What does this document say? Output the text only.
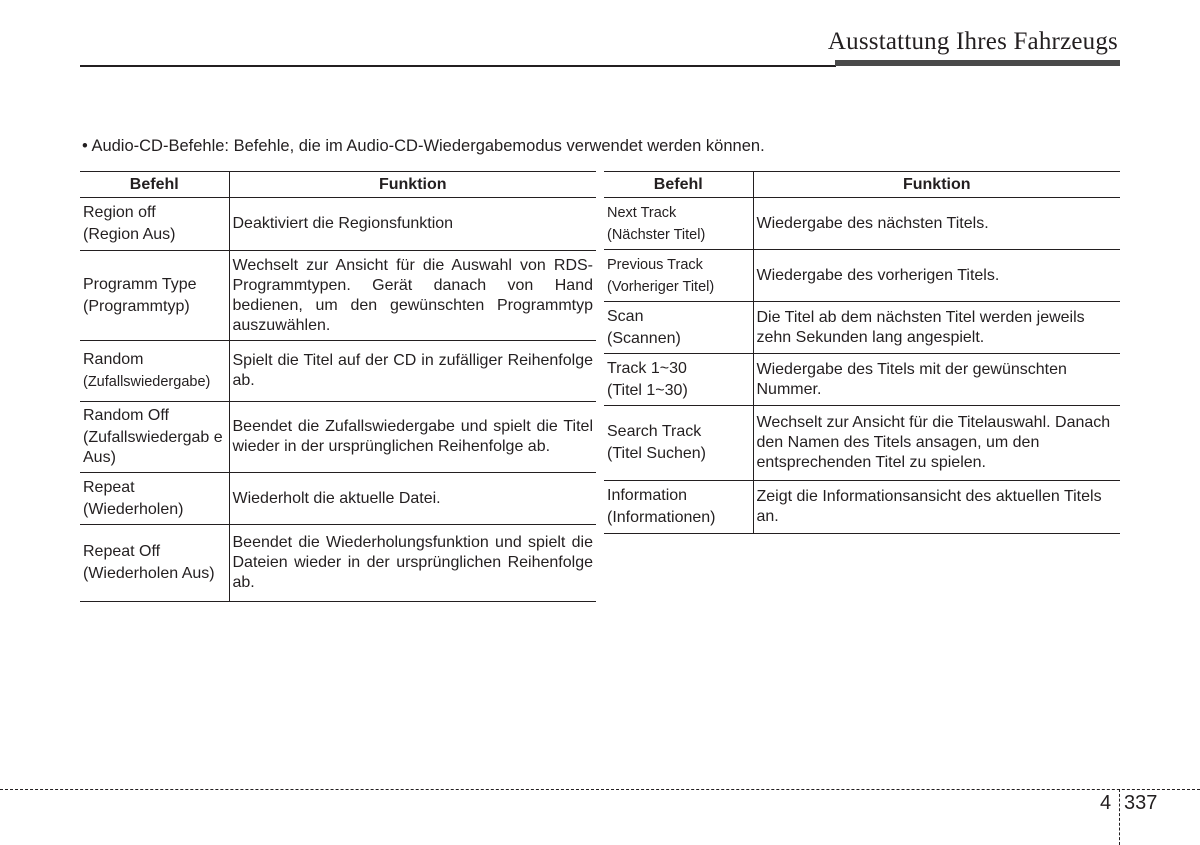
Ausstattung Ihres Fahrzeugs
• Audio-CD-Befehle: Befehle, die im Audio-CD-Wiedergabemodus verwendet werden können.
Befehl	Funktion

Region off
(Region Aus)	Deaktiviert die Regionsfunktion

Programm Type
(Programmtyp)	Wechselt zur Ansicht für die Auswahl von RDS-Programmtypen. Gerät danach von Hand bedienen, um den gewünschten Programmtyp auszuwählen.

Random
(Zufallswiedergabe)	Spielt die Titel auf der CD in zufälliger Reihenfolge ab.

Random Off
(Zufallswiedergab e Aus)	Beendet die Zufallswiedergabe und spielt die Titel wieder in der ursprünglichen Reihenfolge ab.

Repeat
(Wiederholen)	Wiederholt die aktuelle Datei.

Repeat Off
(Wiederholen Aus)	Beendet die Wiederholungsfunktion und spielt die Dateien wieder in der ursprünglichen Reihenfolge ab.
Befehl	Funktion

Next Track
(Nächster Titel)	Wiedergabe des nächsten Titels.

Previous Track
(Vorheriger Titel)	Wiedergabe des vorherigen Titels.

Scan
(Scannen)	Die Titel ab dem nächsten Titel werden jeweils zehn Sekunden lang angespielt.

Track 1~30
(Titel 1~30)	Wiedergabe des Titels mit der gewünschten Nummer.

Search Track
(Titel Suchen)	Wechselt zur Ansicht für die Titelauswahl. Danach den Namen des Titels ansagen, um den entsprechenden Titel zu spielen.

Information
(Informationen)	Zeigt die Informationsansicht des aktuellen Titels an.
4 337
